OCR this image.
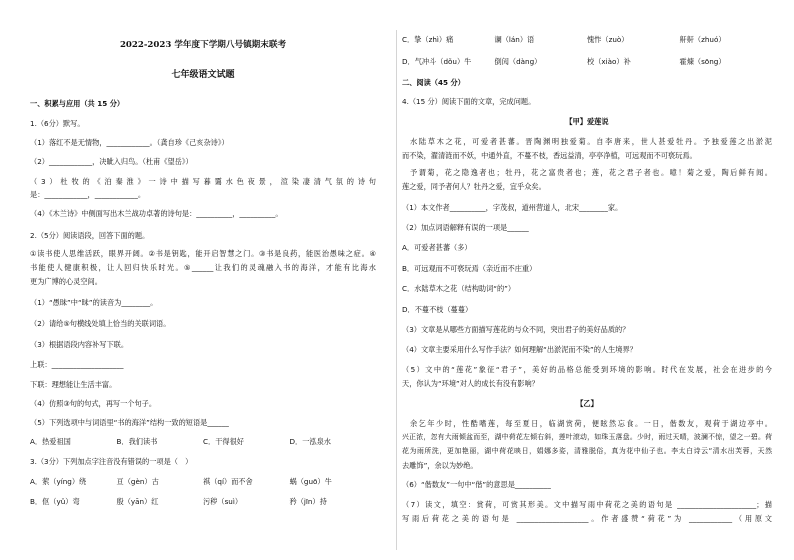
2022-2023 学年度下学期八号镇期末联考
七年级语文试题
一、积累与应用（共 15 分）
1.（6分）默写。
（1）落红不是无情物，____________。（龚自珍《己亥杂诗》）
（2）____________，决眦入归鸟。（杜甫《望岳》）
（3）杜牧的《泊秦淮》一诗中描写暮霭水色夜景，渲染凄清气氛的诗句
是：____________，____________。
（4）《木兰诗》中侧面写出木兰战功卓著的诗句是：__________，__________。
2.（5分）阅读语段，回答下面的题。
①读书使人思维活跃，眼界开阔。②书是钥匙，能开启智慧之门。③书是良药，能医治愚味之症。④
书能使人健康积极，让人回归快乐时光。⑤______让我们的灵魂融入书的海洋，才能有比海水
更为广博的心灵空间。
（1）“愚昧”中“昧”的读音为________。
（2）请给⑤句横线处填上恰当的关联词语。
（3）根据语段内容补写下联。
上联：____________________
下联：理想能让生活丰富。
（4）仿照③句的句式，再写一个句子。
（5）下列选项中与词语里“书的海洋”结构一致的短语是______
A．热爱祖国	B．我们读书	C．干得很好	D．一泓泉水
3.（3分）下列加点字注音没有错误的一项是（　）
A．萦（yíng）绕	亘（gèn）古	祺（qí）而不舍	蜗（guō）牛
B．伛（yǔ）弯	殷（yān）红	污秽（suì）	矜（jīn）持
C．挚（zhì）痛	谰（lán）语	愧怍（zuò）	鼾鼾（zhuó）
D．气冲斗（dǒu）牛	倒闶（dàng）	校（xiào）补	霍煉（sōng）
二、阅读（45 分）
4.（15 分）阅读下面的文章，完成问题。
【甲】爱莲说
水陆草木之花，可爱者甚蕃。晋陶渊明独爱菊。自李唐来，世人甚爱牡丹。予独爱莲之出淤泥
而不染，濯清涟而不妖，中通外直，不蔓不枝，香远益清，亭亭净植，可远观而不可亵玩焉。
予谓菊，花之隐逸者也；牡丹，花之富贵者也；莲，花之君子者也。噫！菊之爱，陶后鲜有闻。
莲之爱，同予者何人？牡丹之爱，宜乎众矣。
（1）本文作者__________，字茂叔，道州营道人，北宋________家。
（2）加点词语解释有误的一项是______
A．可爱者甚蕃（多）
B．可远观而不可亵玩焉（亲近而不庄重）
C．水陆草木之花（结构助词“的”）
D．不蔓不枝（蔓蔓）
（3）文章是从哪些方面描写莲花的与众不同，突出君子的美好品质的？
（4）文章主要采用什么写作手法？如何理解“出淤泥而不染”的人生境界？
（5）文中的“莲花”象征“君子”，美好的品格总能受到环境的影响。时代在发展，社会在进步的今
天，你认为“环境”对人的成长有没有影响？
【乙】
余乞年少时，性酷嗜莲，每至夏日，临湖赏荷，便眩然忘食。一日，偕数友，观荷于湖边亭中。
兴正浓，忽有大雨倾盆而至，湖中荷花左倾右斜，莲叶滚动，如珠玉落盘。少时，雨过天晴，波澜不惊，望之一碧。荷
花为雨所洗，更加艳丽，湖中荷花映日，娟娜多姿，清雅脱俗，真为花中仙子也。李太白诗云“清水出芙蓉，天然
去雕饰”，余以为妙绝。
（6）“偕数友”一句中“偕”的意思是__________
（7）读文，填空：赏荷，可赏其形美。文中描写雨中荷花之美的语句是 ______________________；描
写雨后荷花之美的语句是 ____________________。作者盛赞“荷花”为 ____________（用原文
